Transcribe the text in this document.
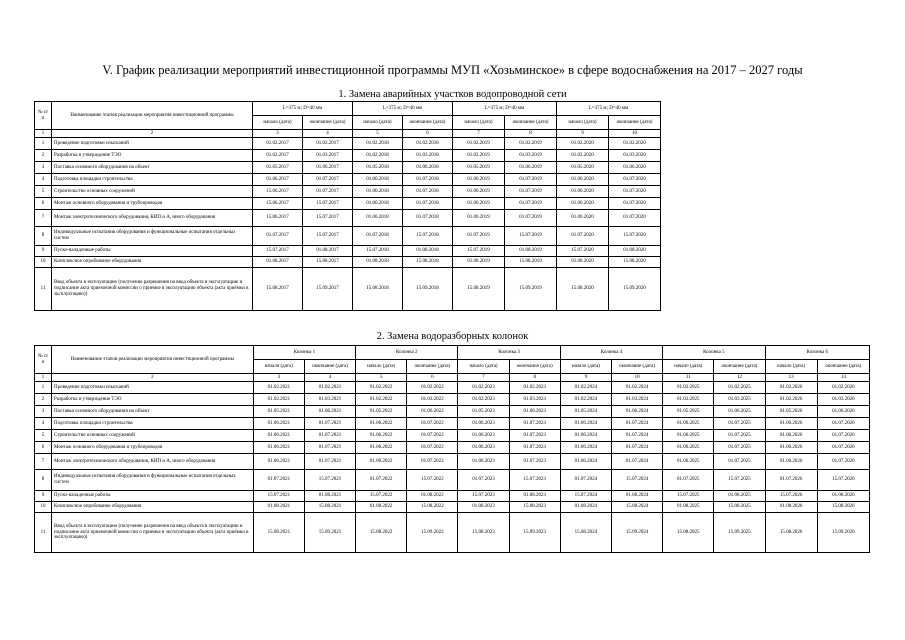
V. График реализации мероприятий инвестиционной программы МУП «Хозьминское» в сфере водоснабжения на 2017 – 2027 годы
1. Замена аварийных участков водопроводной сети
№ п/п	Наименование этапов реализации мероприятия инвестиционной программы	L=375 м; D=40 мм		L=375 м; D=40 мм		L=375 м; D=40 мм		L=375 м; D=40 мм	
		начало (дата)	окончание (дата)	начало (дата)	окончание (дата)	начало (дата)	окончание (дата)	начало (дата)	окончание (дата)
1	2	3	4	5	6	7	8	9	10
1	Проведение подготовки изысканий	01.02.2017	01.02.2017	01.02.2018	01.02.2018	01.02.2019	01.02.2019	01.02.2020	01.02.2020
2	Разработка и утверждение ТЭО	01.02.2017	01.03.2017	01.02.2018	01.03.2018	01.02.2019	01.03.2019	01.02.2020	01.03.2020
3	Поставка основного оборудования на объект	01.05.2017	01.06.2017	01.05.2018	01.06.2018	01.05.2019	01.06.2019	01.05.2020	01.06.2020
4	Подготовка площадки строительства	01.06.2017	01.07.2017	01.06.2018	01.07.2018	01.06.2019	01.07.2019	01.06.2020	01.07.2020
5	Строительство основных сооружений	15.06.2017	01.07.2017	01.06.2018	01.07.2018	01.06.2019	01.07.2019	01.06.2020	01.07.2020
6	Монтаж основного оборудования и трубопроводов	15.06.2017	15.07.2017	01.06.2018	01.07.2018	01.06.2019	01.07.2019	01.06.2020	01.07.2020
7	Монтаж электротехнического оборудования, КИП и А, иного оборудования	15.06.2017	15.07.2017	01.06.2018	01.07.2018	01.06.2019	01.07.2019	01.06.2020	01.07.2020
8	Индивидуальные испытания оборудования и функциональные испытания отдельных систем	01.07.2017	15.07.2017	01.07.2018	15.07.2018	01.07.2019	15.07.2019	01.07.2020	15.07.2020
9	Пуско-наладочные работы	15.07.2017	01.08.2017	15.07.2018	01.08.2018	15.07.2019	01.08.2019	15.07.2020	01.08.2020
10	Комплексное опробование оборудования	01.08.2017	15.08.2017	01.08.2018	15.08.2018	01.08.2019	15.08.2019	01.08.2020	15.08.2020
11	Ввод объекта в эксплуатацию (получение разрешения на ввод объекта в эксплуатацию и подписание акта приемочной комиссии о приемке в эксплуатацию объекта (акта приёмки в эксплуатацию))	15.08.2017	15.09.2017	15.08.2018	15.09.2018	15.08.2019	15.09.2019	15.08.2020	15.09.2020
2. Замена водоразборных колонок
№ п/п	Наименование этапов реализации мероприятия инвестиционной программы	Колонка 1		Колонка 2		Колонка 3		Колонка 4		Колонка 5		Колонка 6	
		начало (дата)	окончание (дата)	начало (дата)	окончание (дата)	начало (дата)	окончание (дата)	начало (дата)	окончание (дата)	начало (дата)	окончание (дата)	начало (дата)	окончание (дата)
1	2	3	4	5	6	7	8	9	10	11	12	13	14
1	Проведение подготовки изысканий	01.02.2021	01.02.2021	01.02.2022	01.02.2022	01.02.2023	01.02.2023	01.02.2024	01.02.2024	01.02.2025	01.02.2025	01.02.2026	01.02.2026
2	Разработка и утверждение ТЭО	01.02.2021	01.03.2021	01.02.2022	01.03.2022	01.02.2023	01.03.2023	01.02.2024	01.03.2024	01.02.2025	01.03.2025	01.02.2026	01.03.2026
3	Поставка основного оборудования на объект	01.05.2021	01.06.2021	01.05.2022	01.06.2022	01.05.2023	01.06.2023	01.05.2024	01.06.2024	01.05.2025	01.06.2025	01.05.2026	01.06.2026
4	Подготовка площадки строительства	01.06.2021	01.07.2021	01.06.2022	01.07.2022	01.06.2023	01.07.2023	01.06.2024	01.07.2024	01.06.2025	01.07.2025	01.06.2026	01.07.2026
5	Строительство основных сооружений	01.06.2021	01.07.2021	01.06.2022	01.07.2022	01.06.2023	01.07.2023	01.06.2024	01.07.2024	01.06.2025	01.07.2025	01.06.2026	01.07.2026
6	Монтаж основного оборудования и трубопроводов	01.06.2021	01.07.2021	01.06.2022	01.07.2022	01.06.2023	01.07.2023	01.06.2024	01.07.2024	01.06.2025	01.07.2025	01.06.2026	01.07.2026
7	Монтаж электротехнического оборудования, КИП и А, иного оборудования	01.06.2021	01.07.2021	01.06.2022	01.07.2022	01.06.2023	01.07.2023	01.06.2024	01.07.2024	01.06.2025	01.07.2025	01.06.2026	01.07.2026
8	Индивидуальные испытания оборудования и функциональные испытания отдельных систем	01.07.2021	15.07.2021	01.07.2022	15.07.2022	01.07.2023	15.07.2023	01.07.2024	15.07.2024	01.07.2025	15.07.2025	01.07.2026	15.07.2026
9	Пуско-наладочные работы	15.07.2021	01.08.2021	15.07.2022	01.08.2022	15.07.2023	01.08.2023	15.07.2024	01.08.2024	15.07.2025	01.08.2025	15.07.2026	01.08.2026
10	Комплексное опробование оборудования	01.08.2021	15.08.2021	01.08.2022	15.08.2022	01.08.2023	15.08.2023	01.08.2024	15.08.2024	01.08.2025	15.08.2025	01.08.2026	15.08.2026
11	Ввод объекта в эксплуатацию (получение разрешения на ввод объекта в эксплуатацию и подписание акта приемочной комиссии о приемке в эксплуатацию объекта (акта приёмки в эксплуатацию))	15.08.2021	15.09.2021	15.08.2022	15.09.2022	15.08.2023	15.09.2023	15.08.2024	15.09.2024	15.08.2025	15.09.2025	15.08.2026	15.09.2026
